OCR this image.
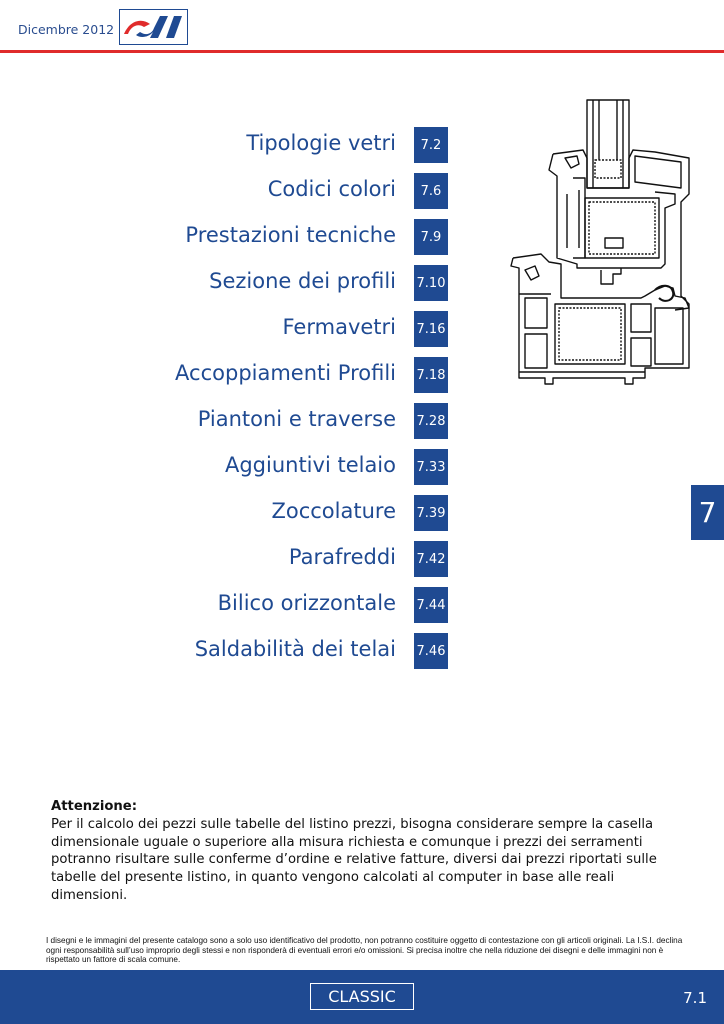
Dicembre 2012
Tipologie vetri	7.2
Codici colori	7.6
Prestazioni tecniche	7.9
Sezione dei profili 7.10
Fermavetri 7.16
Accoppiamenti Profili 7.18
Piantoni e traverse 7.28
Aggiuntivi telaio 7.33
Zoccolature 7.39
Parafreddi 7.42
Bilico orizzontale 7.44
Saldabilità dei telai 7.46
7
Attenzione:
Per il calcolo dei pezzi sulle tabelle del listino prezzi, bisogna considerare sempre la casella dimensionale uguale o superiore alla misura richiesta e comunque i prezzi dei serramenti potranno risultare sulle conferme d’ordine e relative fatture, diversi dai prezzi riportati sulle tabelle del presente listino, in quanto vengono calcolati al computer in base alle reali dimensioni.
I disegni e le immagini del presente catalogo sono a solo uso identificativo del prodotto, non potranno costituire oggetto di contestazione con gli articoli originali. La I.S.I. declina ogni responsabilità sull’uso improprio degli stessi e non risponderà di eventuali errori e/o omissioni. Si precisa inoltre che nella riduzione dei disegni e delle immagini non è rispettato un fattore di scala comune.
CLASSIC	7.1
